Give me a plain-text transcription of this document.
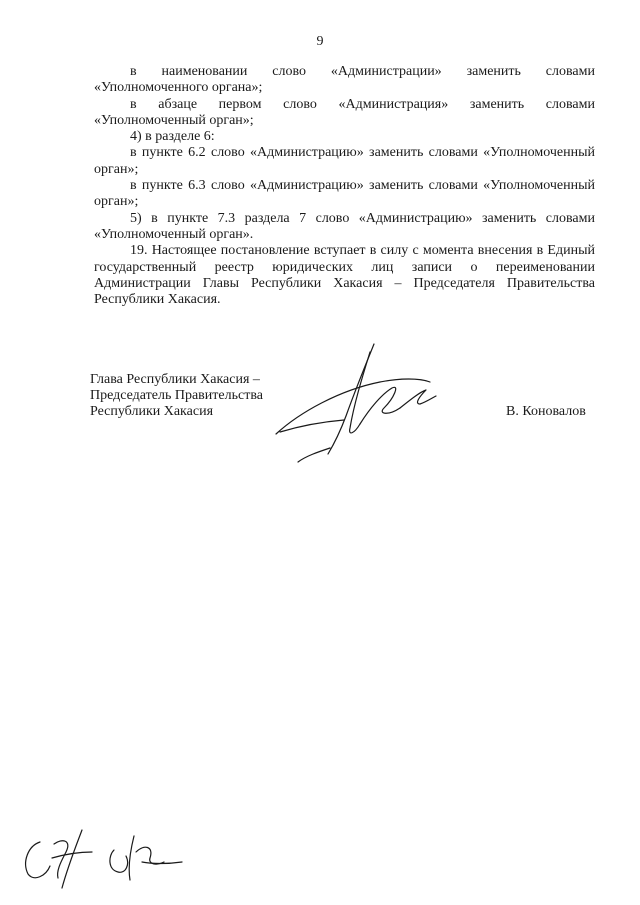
9

в наименовании слово «Администрации» заменить словами «Уполномоченного органа»;

в абзаце первом слово «Администрация» заменить словами «Уполномоченный орган»;

4) в разделе 6:

в пункте 6.2 слово «Администрацию» заменить словами «Уполномоченный орган»;

в пункте 6.3 слово «Администрацию» заменить словами «Уполномоченный орган»;

5) в пункте 7.3 раздела 7 слово «Администрацию» заменить словами «Уполномоченный орган».

19. Настоящее постановление вступает в силу с момента внесения в Единый государственный реестр юридических лиц записи о переименовании Администрации Главы Республики Хакасия – Председателя Правительства Республики Хакасия.

Глава Республики Хакасия –
Председатель Правительства
Республики Хакасия	В. Коновалов
